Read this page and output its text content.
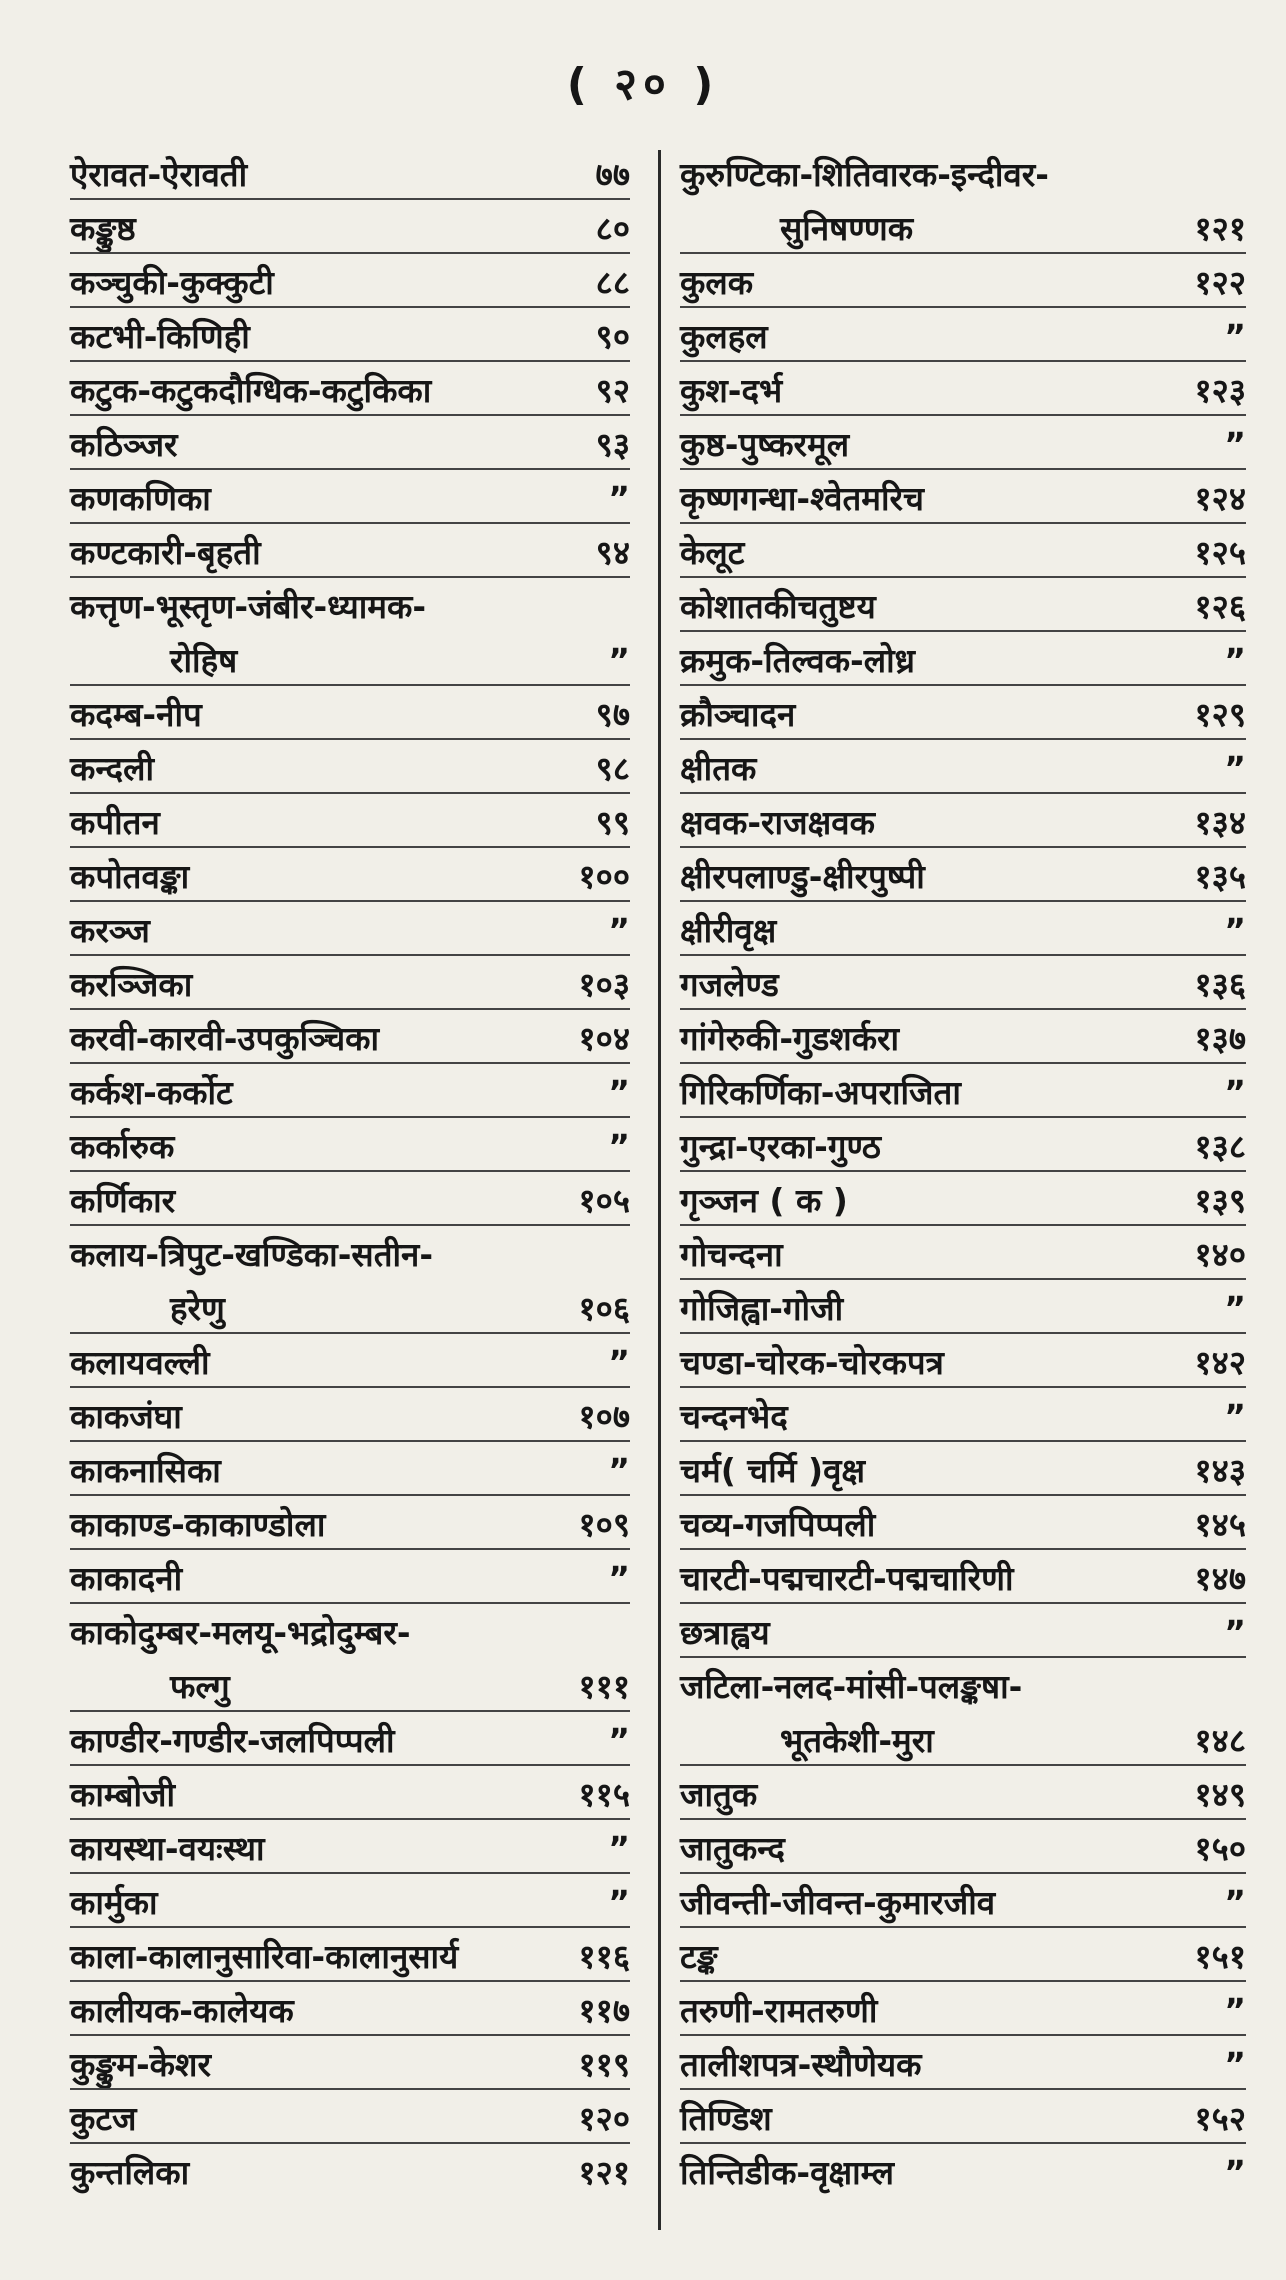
( २० )
ऐरावत-ऐरावती	७७
कङ्कुष्ठ	८०
कञ्चुकी-कुक्कुटी	८८
कटभी-किणिही	९०
कटुक-कटुकदौग्धिक-कटुकिका	९२
कठिञ्जर	९३
कणकणिका	”
कण्टकारी-बृहती	९४
कत्तृण-भूस्तृण-जंबीर-ध्यामक-
रोहिष	”
कदम्ब-नीप	९७
कन्दली	९८
कपीतन	९९
कपोतवङ्का	१००
करञ्ज	”
करञ्जिका	१०३
करवी-कारवी-उपकुञ्चिका	१०४
कर्कश-कर्कोट	”
कर्कारुक	”
कर्णिकार	१०५
कलाय-त्रिपुट-खण्डिका-सतीन-
हरेणु	१०६
कलायवल्ली	”
काकजंघा	१०७
काकनासिका	”
काकाण्ड-काकाण्डोला	१०९
काकादनी	”
काकोदुम्बर-मलयू-भद्रोदुम्बर-
फल्गु	१११
काण्डीर-गण्डीर-जलपिप्पली	”
काम्बोजी	११५
कायस्था-वयःस्था	”
कार्मुका	”
काला-कालानुसारिवा-कालानुसार्य	११६
कालीयक-कालेयक	११७
कुङ्कुम-केशर	११९
कुटज	१२०
कुन्तलिका	१२१
कुरुण्टिका-शितिवारक-इन्दीवर-
सुनिषण्णक	१२१
कुलक	१२२
कुलहल	”
कुश-दर्भ	१२३
कुष्ठ-पुष्करमूल	”
कृष्णगन्धा-श्वेतमरिच	१२४
केलूट	१२५
कोशातकीचतुष्टय	१२६
क्रमुक-तिल्वक-लोध्र	”
क्रौञ्चादन	१२९
क्षीतक	”
क्षवक-राजक्षवक	१३४
क्षीरपलाण्डु-क्षीरपुष्पी	१३५
क्षीरीवृक्ष	”
गजलेण्ड	१३६
गांगेरुकी-गुडशर्करा	१३७
गिरिकर्णिका-अपराजिता	”
गुन्द्रा-एरका-गुण्ठ	१३८
गृञ्जन ( क )	१३९
गोचन्दना	१४०
गोजिह्वा-गोजी	”
चण्डा-चोरक-चोरकपत्र	१४२
चन्दनभेद	”
चर्म( चर्मि )वृक्ष	१४३
चव्य-गजपिप्पली	१४५
चारटी-पद्मचारटी-पद्मचारिणी	१४७
छत्राह्वय	”
जटिला-नलद-मांसी-पलङ्कषा-
भूतकेशी-मुरा	१४८
जातुक	१४९
जातुकन्द	१५०
जीवन्ती-जीवन्त-कुमारजीव	”
टङ्क	१५१
तरुणी-रामतरुणी	”
तालीशपत्र-स्थौणेयक	”
तिण्डिश	१५२
तिन्तिडीक-वृक्षाम्ल	”
